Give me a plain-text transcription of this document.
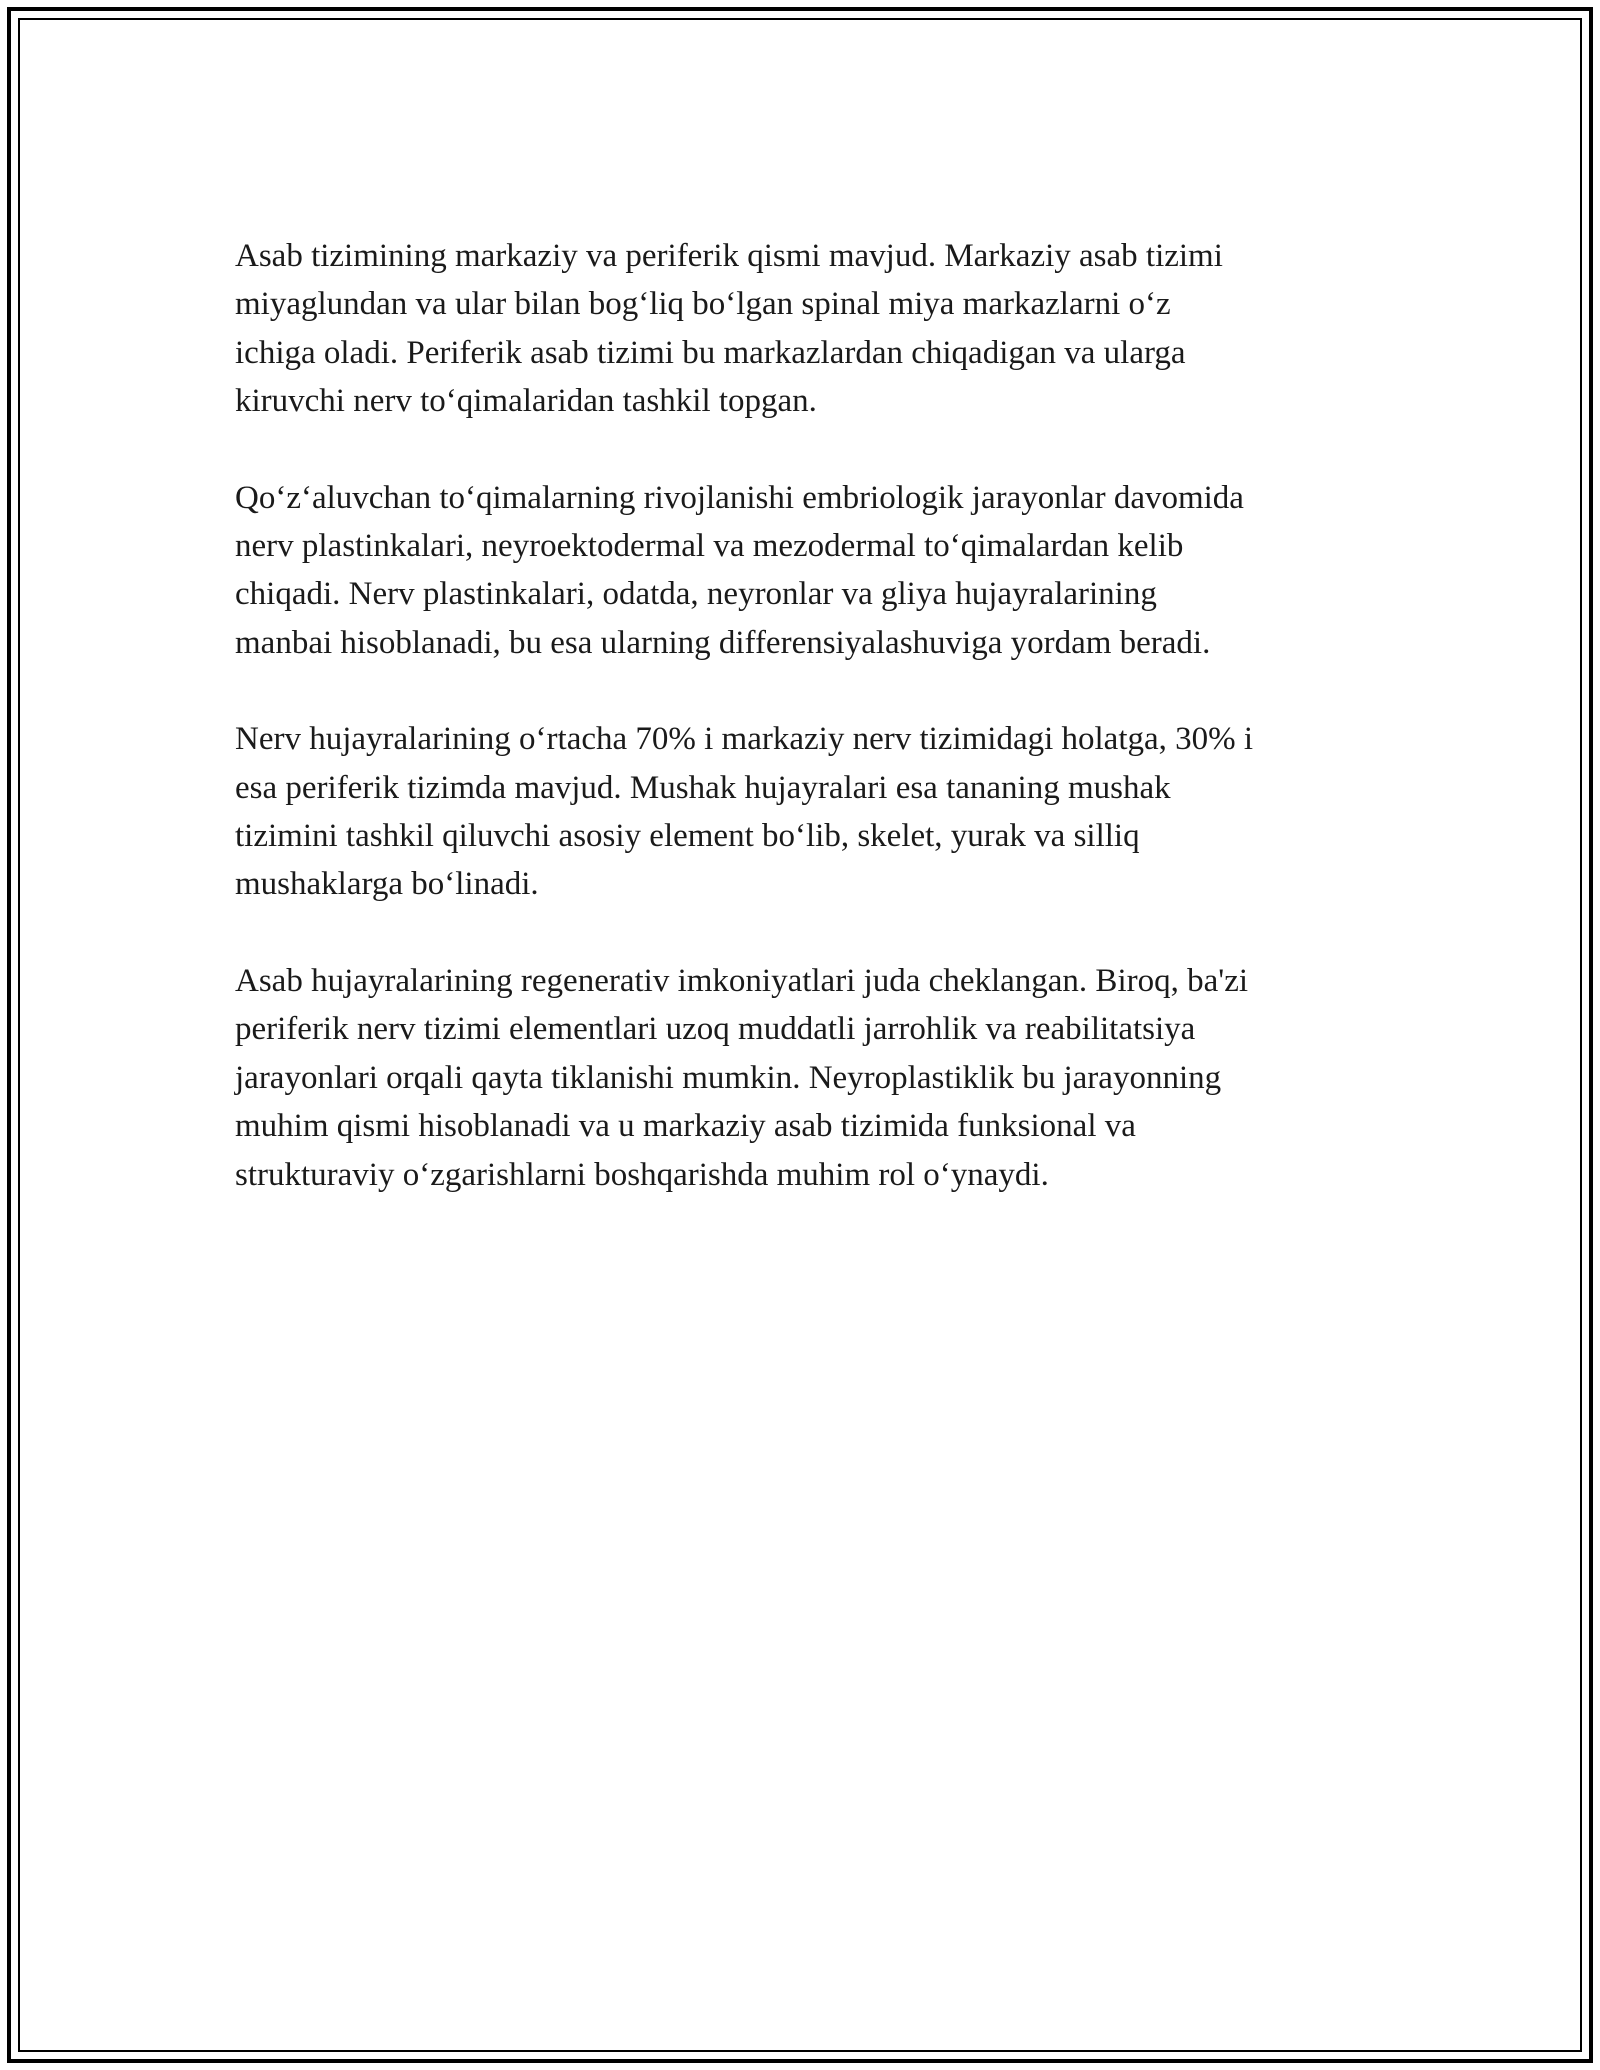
Asab tizimining markaziy va periferik qismi mavjud. Markaziy asab tizimi
miyaglundan va ular bilan bog‘liq bo‘lgan spinal miya markazlarni o‘z
ichiga oladi. Periferik asab tizimi bu markazlardan chiqadigan va ularga
kiruvchi nerv to‘qimalaridan tashkil topgan.

Qo‘z‘aluvchan to‘qimalarning rivojlanishi embriologik jarayonlar davomida
nerv plastinkalari, neyroektodermal va mezodermal to‘qimalardan kelib
chiqadi. Nerv plastinkalari, odatda, neyronlar va gliya hujayralarining
manbai hisoblanadi, bu esa ularning differensiyalashuviga yordam beradi.

Nerv hujayralarining o‘rtacha 70% i markaziy nerv tizimidagi holatga, 30% i
esa periferik tizimda mavjud. Mushak hujayralari esa tananing mushak
tizimini tashkil qiluvchi asosiy element bo‘lib, skelet, yurak va silliq
mushaklarga bo‘linadi.

Asab hujayralarining regenerativ imkoniyatlari juda cheklangan. Biroq, ba'zi
periferik nerv tizimi elementlari uzoq muddatli jarrohlik va reabilitatsiya
jarayonlari orqali qayta tiklanishi mumkin. Neyroplastiklik bu jarayonning
muhim qismi hisoblanadi va u markaziy asab tizimida funksional va
strukturaviy o‘zgarishlarni boshqarishda muhim rol o‘ynaydi.
